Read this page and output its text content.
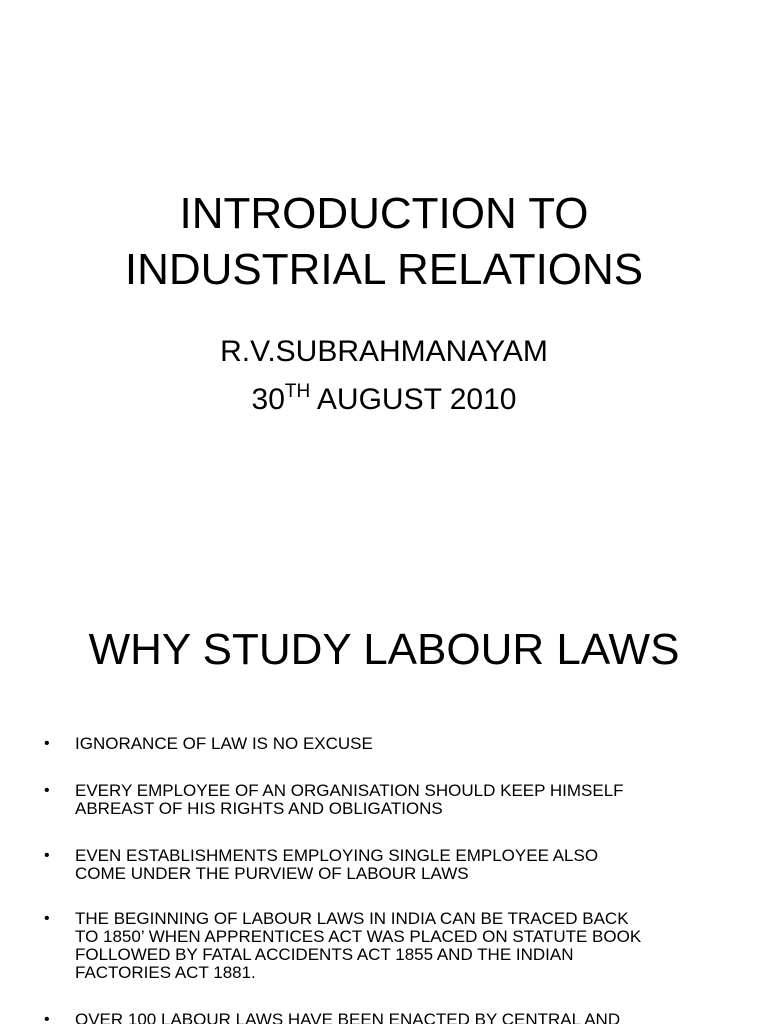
INTRODUCTION TO
INDUSTRIAL RELATIONS
R.V.SUBRAHMANAYAM
30TH AUGUST 2010
WHY STUDY LABOUR LAWS
• IGNORANCE OF LAW IS NO EXCUSE
• EVERY EMPLOYEE OF AN ORGANISATION SHOULD KEEP HIMSELF
ABREAST OF HIS RIGHTS AND OBLIGATIONS
• EVEN ESTABLISHMENTS EMPLOYING SINGLE EMPLOYEE ALSO
COME UNDER THE PURVIEW OF LABOUR LAWS
• THE BEGINNING OF LABOUR LAWS IN INDIA CAN BE TRACED BACK
TO 1850’ WHEN APPRENTICES ACT WAS PLACED ON STATUTE BOOK
FOLLOWED BY FATAL ACCIDENTS ACT 1855 AND THE INDIAN
FACTORIES ACT 1881.
• OVER 100 LABOUR LAWS HAVE BEEN ENACTED BY CENTRAL AND
